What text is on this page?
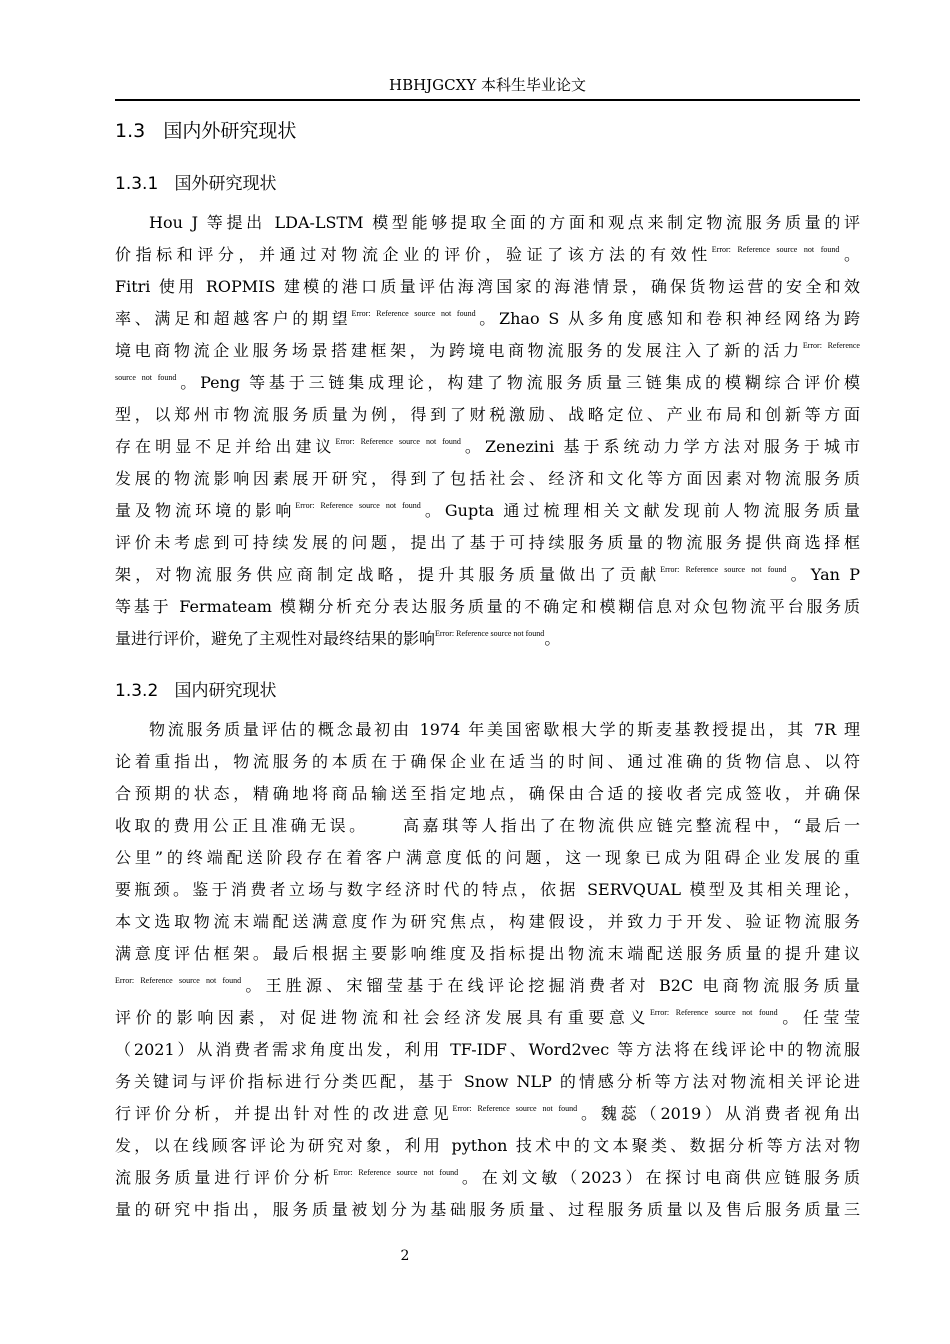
HBHJGCXY 本科生毕业论文
1.3 国内外研究现状
1.3.1 国外研究现状
Hou J 等提出 LDA-LSTM 模型能够提取全面的方面和观点来制定物流服务质量的评
价指标和评分，并通过对物流企业的评价，验证了该方法的有效性$^{Error: Reference source not found}$。
Fitri 使用 ROPMIS 建模的港口质量评估海湾国家的海港情景，确保货物运营的安全和效
率、满足和超越客户的期望$^{Error: Reference source not found}$。Zhao S 从多角度感知和卷积神经网络为跨
境电商物流企业服务场景搭建框架，为跨境电商物流服务的发展注入了新的活力$^{Error: Reference}$
$^{source not found}$。Peng 等基于三链集成理论，构建了物流服务质量三链集成的模糊综合评价模
型，以郑州市物流服务质量为例，得到了财税激励、战略定位、产业布局和创新等方面
存在明显不足并给出建议$^{Error: Reference source not found}$。Zenezini 基于系统动力学方法对服务于城市
发展的物流影响因素展开研究，得到了包括社会、经济和文化等方面因素对物流服务质
量及物流环境的影响$^{Error: Reference source not found}$。Gupta 通过梳理相关文献发现前人物流服务质量
评价未考虑到可持续发展的问题，提出了基于可持续服务质量的物流服务提供商选择框
架，对物流服务供应商制定战略，提升其服务质量做出了贡献$^{Error: Reference source not found}$。Yan P
等基于 Fermateam 模糊分析充分表达服务质量的不确定和模糊信息对众包物流平台服务质
量进行评价，避免了主观性对最终结果的影响$^{Error: Reference source not found}$。
1.3.2 国内研究现状
物流服务质量评估的概念最初由 1974 年美国密歇根大学的斯麦基教授提出，其 7R 理
论着重指出，物流服务的本质在于确保企业在适当的时间、通过准确的货物信息、以符
合预期的状态，精确地将商品输送至指定地点，确保由合适的接收者完成签收，并确保
收取的费用公正且准确无误。    高嘉琪等人指出了在物流供应链完整流程中，“最后一
公里”的终端配送阶段存在着客户满意度低的问题，这一现象已成为阻碍企业发展的重
要瓶颈。鉴于消费者立场与数字经济时代的特点，依据 SERVQUAL 模型及其相关理论，
本文选取物流末端配送满意度作为研究焦点，构建假设，并致力于开发、验证物流服务
满意度评估框架。最后根据主要影响维度及指标提出物流末端配送服务质量的提升建议
$^{Error: Reference source not found}$。王胜源、宋镏莹基于在线评论挖掘消费者对 B2C 电商物流服务质量
评价的影响因素，对促进物流和社会经济发展具有重要意义$^{Error: Reference source not found}$。任莹莹
（2021）从消费者需求角度出发，利用 TF-IDF、Word2vec 等方法将在线评论中的物流服
务关键词与评价指标进行分类匹配，基于 Snow NLP 的情感分析等方法对物流相关评论进
行评价分析，并提出针对性的改进意见$^{Error: Reference source not found}$。魏蕊（2019）从消费者视角出
发，以在线顾客评论为研究对象，利用 python 技术中的文本聚类、数据分析等方法对物
流服务质量进行评价分析$^{Error: Reference source not found}$。在刘文敏（2023）在探讨电商供应链服务质
量的研究中指出，服务质量被划分为基础服务质量、过程服务质量以及售后服务质量三
2
